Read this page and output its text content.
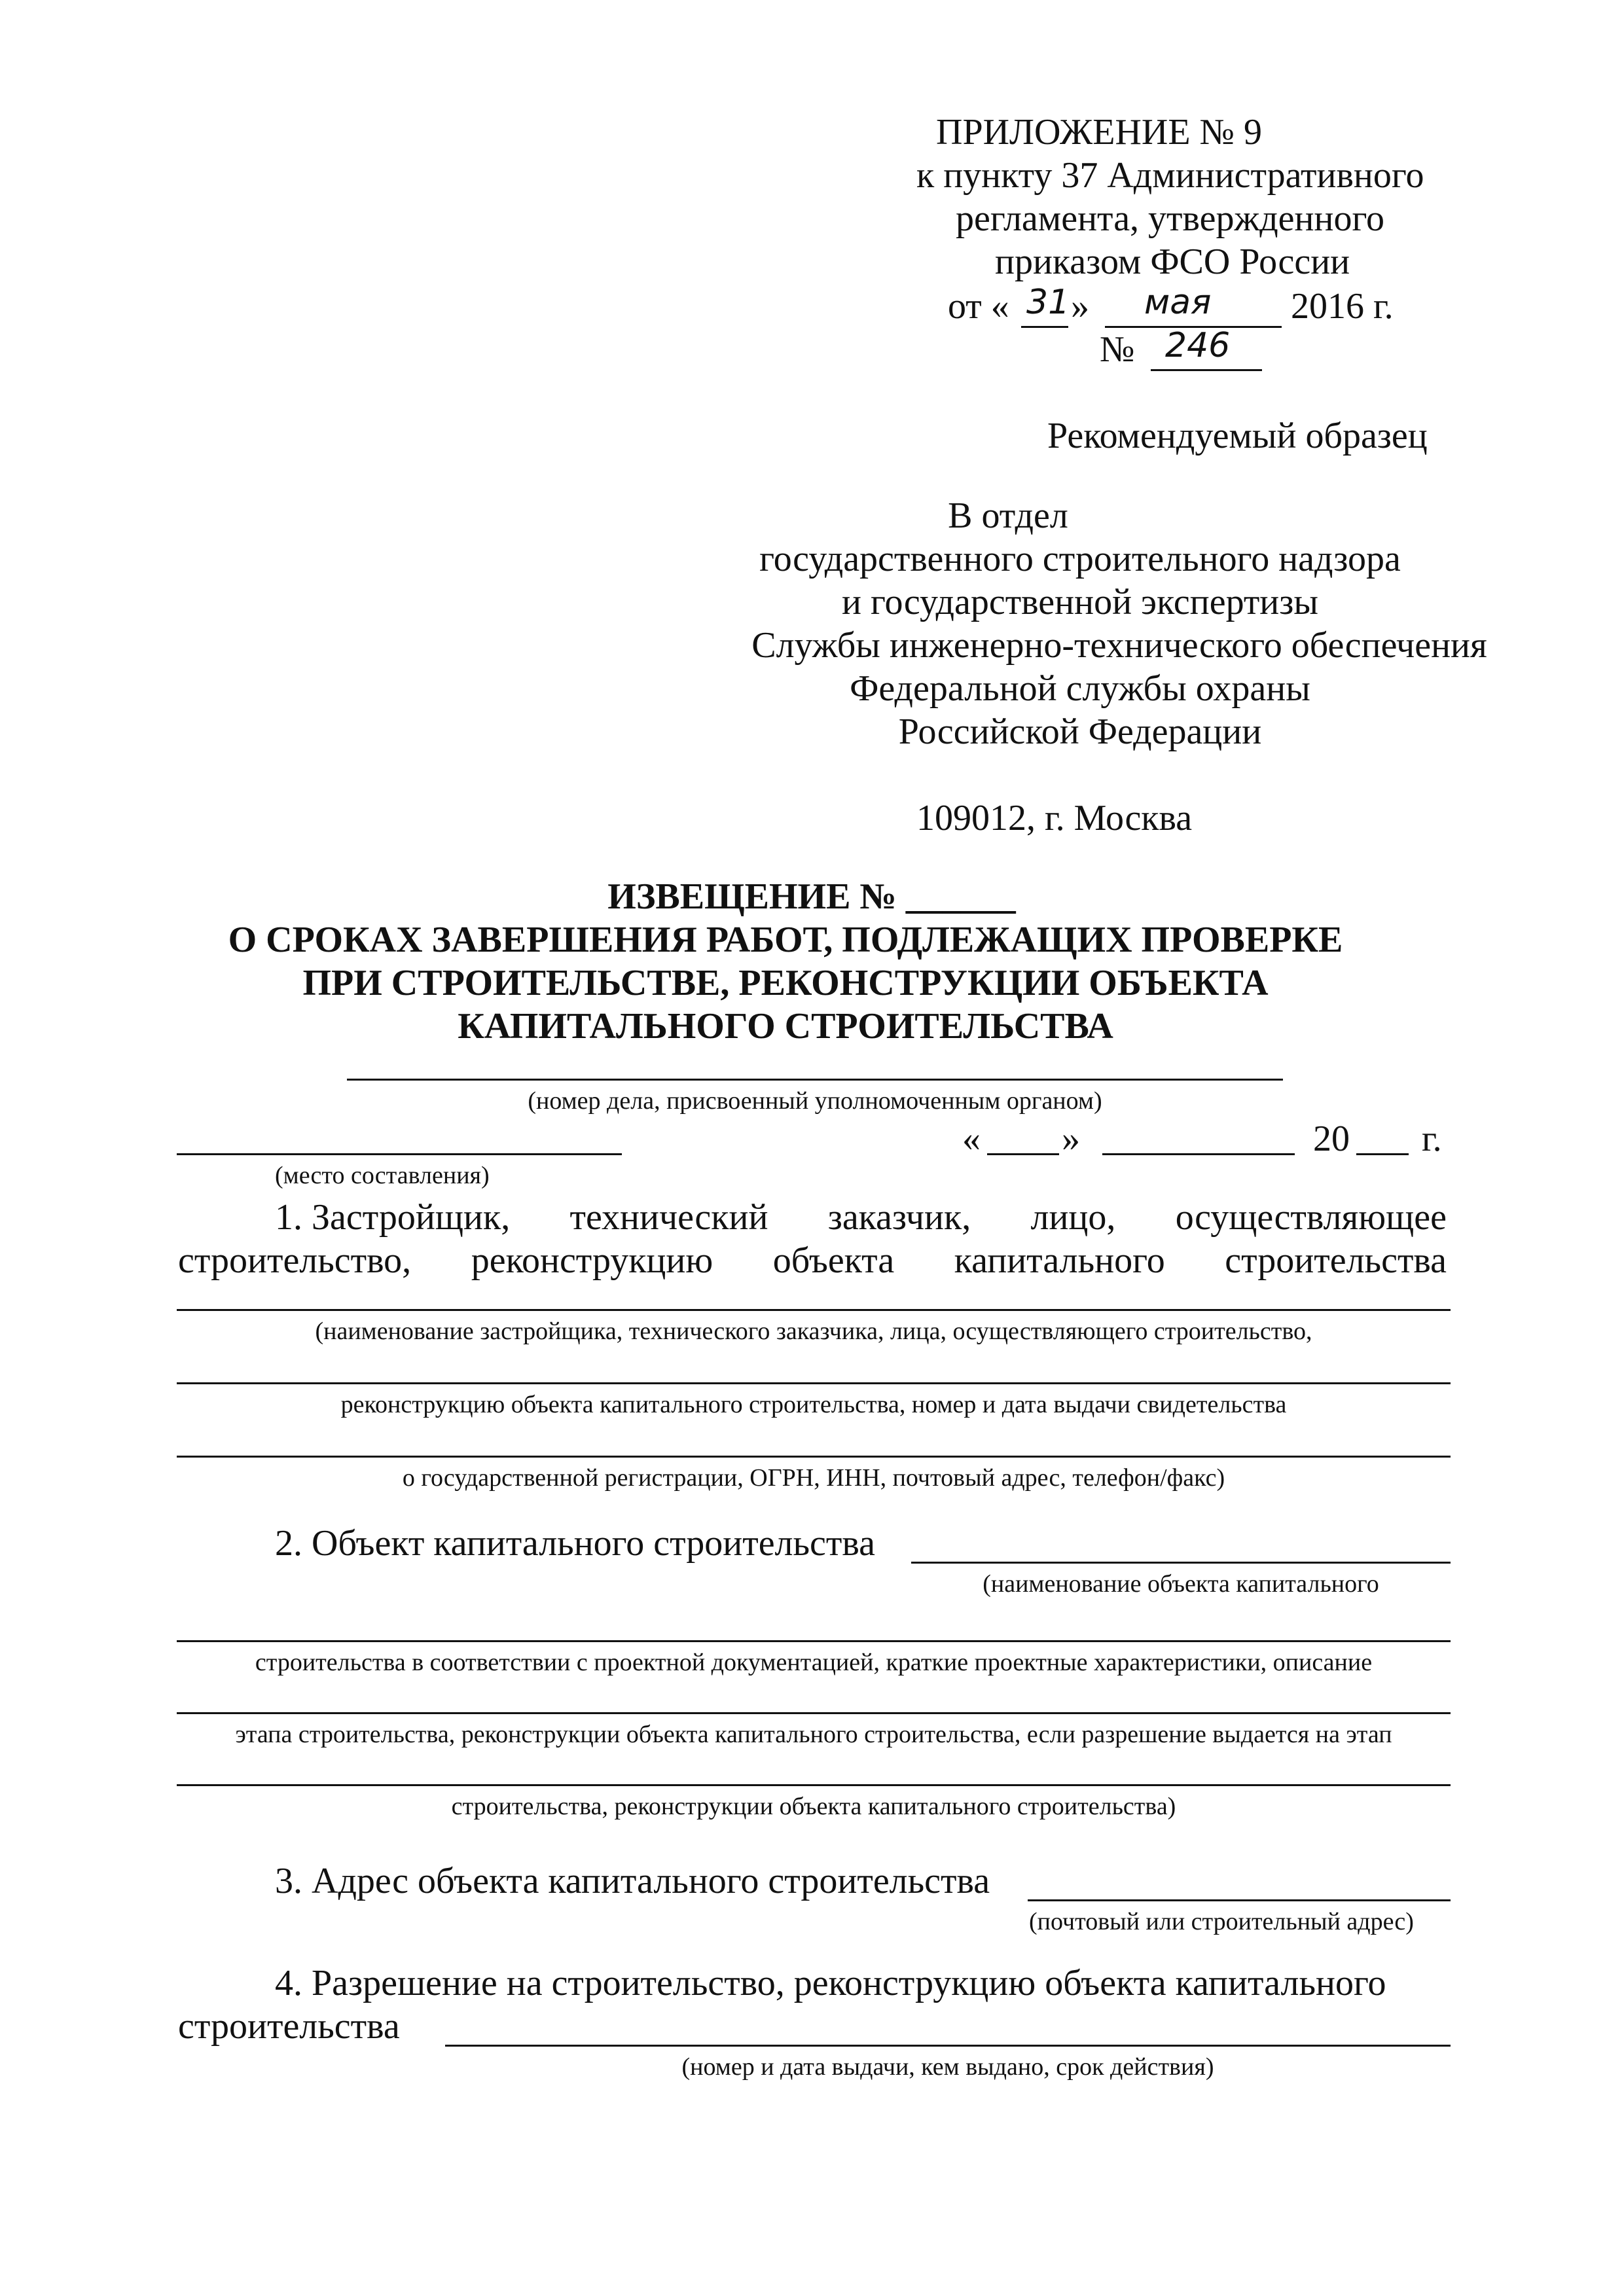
ПРИЛОЖЕНИЕ № 9
к пункту 37 Административного
регламента, утвержденного
приказом ФСО России
от « 31 » мая 2016 г.
№ 246
Рекомендуемый образец
В отдел
государственного строительного надзора
и государственной экспертизы
Службы инженерно-технического обеспечения
Федеральной службы охраны
Российской Федерации
109012, г. Москва
ИЗВЕЩЕНИЕ № ______
О СРОКАХ ЗАВЕРШЕНИЯ РАБОТ, ПОДЛЕЖАЩИХ ПРОВЕРКЕ
ПРИ СТРОИТЕЛЬСТВЕ, РЕКОНСТРУКЦИИ ОБЪЕКТА
КАПИТАЛЬНОГО СТРОИТЕЛЬСТВА
(номер дела, присвоенный уполномоченным органом)
« »	20 г.
(место составления)
1. Застройщик, технический заказчик, лицо, осуществляющее
строительство, реконструкцию объекта капитального строительства
(наименование застройщика, технического заказчика, лица, осуществляющего строительство,
реконструкцию объекта капитального строительства, номер и дата выдачи свидетельства
о государственной регистрации, ОГРН, ИНН, почтовый адрес, телефон/факс)
2. Объект капитального строительства
(наименование объекта капитального
строительства в соответствии с проектной документацией, краткие проектные характеристики, описание
этапа строительства, реконструкции объекта капитального строительства, если разрешение выдается на этап
строительства, реконструкции объекта капитального строительства)
3. Адрес объекта капитального строительства
(почтовый или строительный адрес)
4. Разрешение на строительство, реконструкцию объекта капитального
строительства
(номер и дата выдачи, кем выдано, срок действия)
